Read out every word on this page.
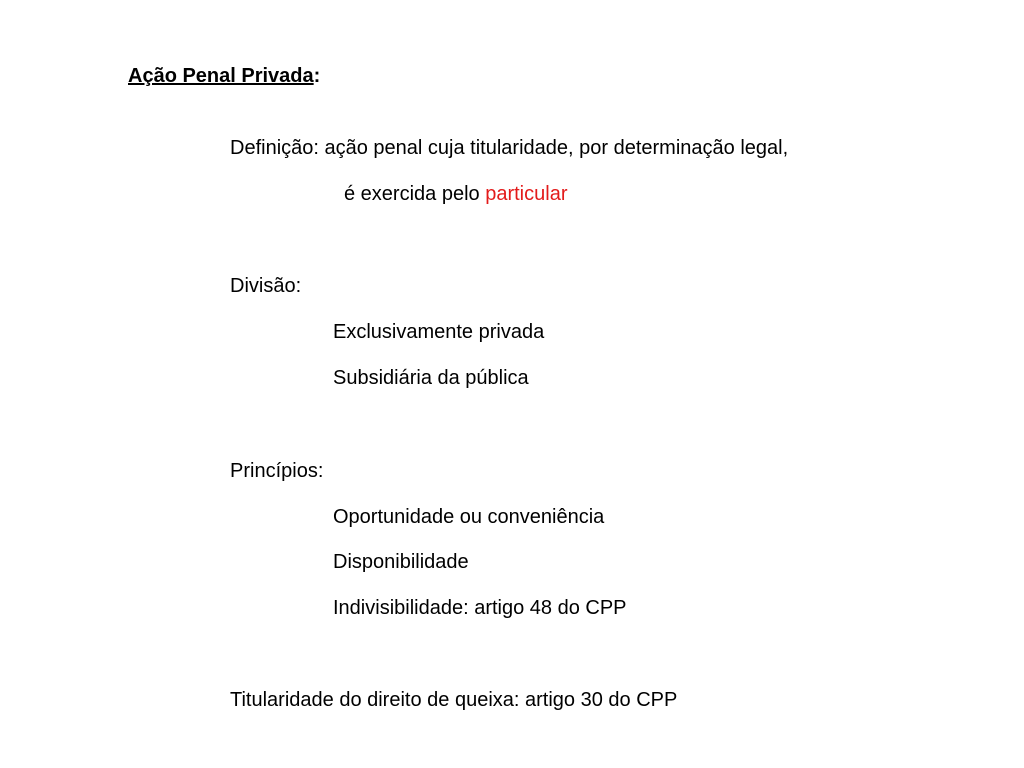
Ação Penal Privada:
Definição: ação penal cuja titularidade, por determinação legal,
é exercida pelo particular
Divisão:
Exclusivamente privada
Subsidiária da pública
Princípios:
Oportunidade ou conveniência
Disponibilidade
Indivisibilidade: artigo 48 do CPP
Titularidade do direito de queixa: artigo 30 do CPP
